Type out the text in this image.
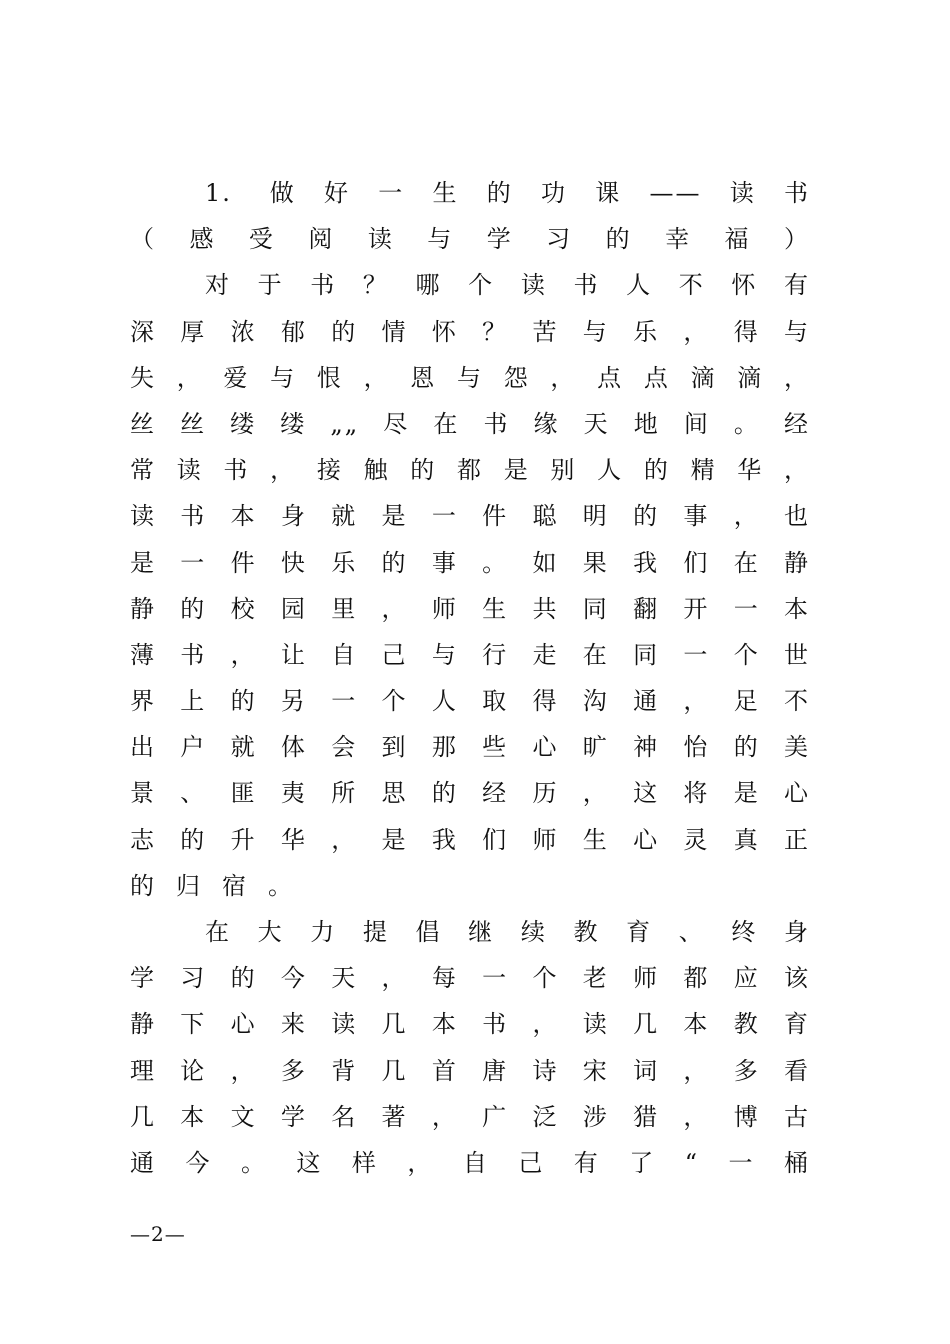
1. 做好一生的功课——读书
（感受阅读与学习的幸福）
对于书？哪个读书人不怀有
深厚浓郁的情怀？苦与乐，得与
失，爱与恨，恩与怨，点点滴滴，
丝丝缕缕„„尽在书缘天地间。经
常读书，接触的都是别人的精华，
读书本身就是一件聪明的事，也
是一件快乐的事。如果我们在静
静的校园里，师生共同翻开一本
薄书，让自己与行走在同一个世
界上的另一个人取得沟通，足不
出户就体会到那些心旷神怡的美
景、匪夷所思的经历，这将是心
志的升华，是我们师生心灵真正
的归宿。
在大力提倡继续教育、终身
学习的今天，每一个老师都应该
静下心来读几本书，读几本教育
理论，多背几首唐诗宋词，多看
几本文学名著，广泛涉猎，博古
通今。这样，自己有了“一桶
—2—
